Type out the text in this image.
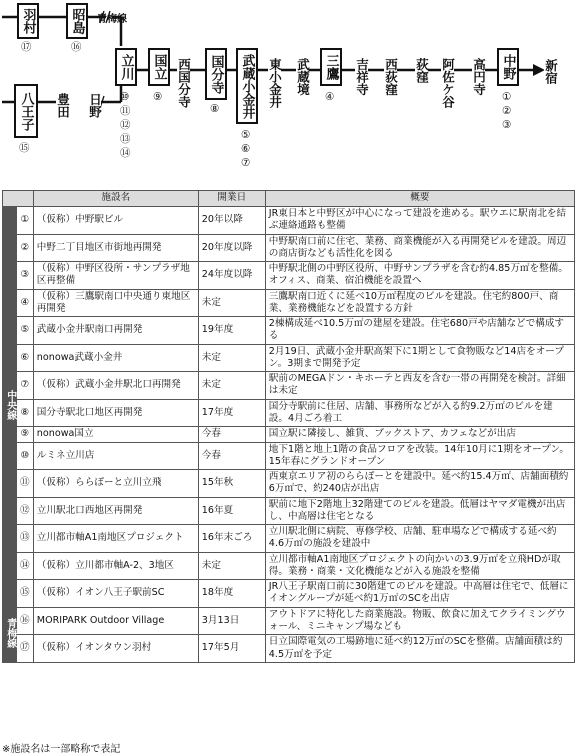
青梅線
羽村
⑰
昭島
⑯
八王子
⑮
豊田 日野
立川
⑩
⑪
⑫
⑬
⑭
国立
⑨ 西国分寺 国分寺
⑧ 武蔵小金井
⑤
⑥
⑦
東小金井 武蔵境 三鷹
④
吉祥寺 西荻窪 荻窪 阿佐ケ谷 高円寺 中野
①
②
③
新宿
		施設名	開業日	概要
中央線	①	（仮称）中野駅ビル	20年以降	JR東日本と中野区が中心になって建設を進める。駅ウエに駅南北を結ぶ連絡通路も整備
	②	中野二丁目地区市街地再開発	20年度以降	中野駅南口前に住宅、業務、商業機能が入る再開発ビルを建設。周辺の商店街なども活性化を図る
	③	（仮称）中野区役所・サンプラザ地区再整備	24年度以降	中野駅北側の中野区役所、中野サンプラザを含む約4.85万㎡を整備。オフィス、商業、宿泊機能を設置へ
	④	（仮称）三鷹駅南口中央通り東地区再開発	未定	三鷹駅南口近くに延べ10万㎡程度のビルを建設。住宅約800戸、商業、業務機能などを設置する方針
	⑤	武蔵小金井駅南口再開発	19年度	2棟構成延べ10.5万㎡の建屋を建設。住宅680戸や店舗などで構成する
	⑥	nonowa武蔵小金井	未定	2月19日、武蔵小金井駅高架下に1期として食物販など14店をオープン。3期まで開発予定
	⑦	（仮称）武蔵小金井駅北口再開発	未定	駅前のMEGAドン・キホーテと西友を含む一帯の再開発を検討。詳細は未定
	⑧	国分寺駅北口地区再開発	17年度	国分寺駅前に住居、店舗、事務所などが入る約9.2万㎡のビルを建設。4月ごろ着工
	⑨	nonowa国立	今春	国立駅に隣接し、雑貨、ブックストア、カフェなどが出店
	⑩	ルミネ立川店	今春	地下1階と地上1階の食品フロアを改装。14年10月に1期をオープン。15年春にグランドオープン
	⑪	（仮称）ららぽーと立川立飛	15年秋	西東京エリア初のららぽーとを建設中。延べ約15.4万㎡、店舗面積約6万㎡で、約240店が出店
	⑫	立川駅北口西地区再開発	16年夏	駅前に地下2階地上32階建てのビルを建設。低層はヤマダ電機が出店し、中高層は住宅となる
	⑬	立川都市軸A1南地区プロジェクト	16年末ごろ	立川駅北側に病院、専修学校、店舗、駐車場などで構成する延べ約4.6万㎡の施設を建設中
	⑭	（仮称）立川都市軸A-2、3地区	未定	立川都市軸A1南地区プロジェクトの向かいの3.9万㎡を立飛HDが取得。業務・商業・文化機能などが入る施設を整備
	⑮	（仮称）イオン八王子駅前SC	18年度	JR八王子駅南口前に30階建てのビルを建設。中高層は住宅で、低層にイオングループが延べ約1万㎡のSCを出店
青梅線	⑯	MORIPARK Outdoor Village	3月13日	アウトドアに特化した商業施設。物販、飲食に加えてクライミングウォール、ミニキャンプ場なども
	⑰	（仮称）イオンタウン羽村	17年5月	日立国際電気の工場跡地に延べ約12万㎡のSCを整備。店舗面積は約4.5万㎡を予定
※施設名は一部略称で表記
